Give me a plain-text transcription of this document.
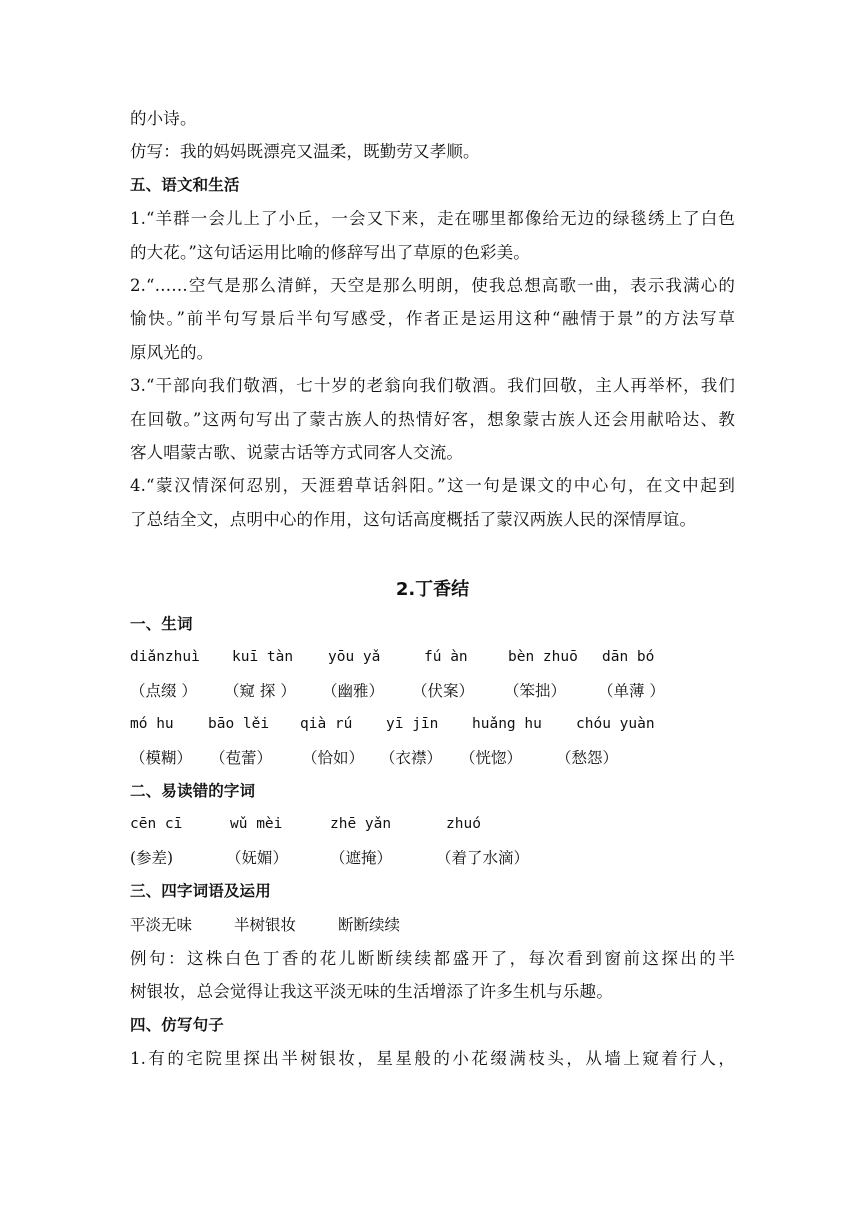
的小诗。
仿写：我的妈妈既漂亮又温柔，既勤劳又孝顺。
五、语文和生活
1.“羊群一会儿上了小丘，一会又下来，走在哪里都像给无边的绿毯绣上了白色
的大花。”这句话运用比喻的修辞写出了草原的色彩美。
2.“……空气是那么清鲜，天空是那么明朗，使我总想高歌一曲，表示我满心的
愉快。”前半句写景后半句写感受，作者正是运用这种“融情于景”的方法写草
原风光的。
3.“干部向我们敬酒，七十岁的老翁向我们敬酒。我们回敬，主人再举杯，我们
在回敬。”这两句写出了蒙古族人的热情好客，想象蒙古族人还会用献哈达、教
客人唱蒙古歌、说蒙古话等方式同客人交流。
4.“蒙汉情深何忍别，天涯碧草话斜阳。”这一句是课文的中心句，在文中起到
了总结全文，点明中心的作用，这句话高度概括了蒙汉两族人民的深情厚谊。
2.丁香结
一、生词
diǎnzhuì	kuī tàn	yōu yǎ	fú àn	bèn zhuō	dān bó
（点缀 ）	（窥 探 ）	（幽雅）	（伏案）	（笨拙）	（单薄 ）
mó hu	bāo lěi	qià rú	yī jīn	huǎng hu	chóu yuàn
（模糊）	（苞蕾）	（恰如）	（衣襟）	（恍惚）	（愁怨）
二、易读错的字词
cēn cī	wǔ mèi	zhē yǎn	zhuó
(参差)	（妩媚）	（遮掩）	（着了水滴）
三、四字词语及运用
平淡无味	半树银妆	断断续续
例句：这株白色丁香的花儿断断续续都盛开了，每次看到窗前这探出的半
树银妆，总会觉得让我这平淡无味的生活增添了许多生机与乐趣。
四、仿写句子
1.有的宅院里探出半树银妆，星星般的小花缀满枝头，从墙上窥着行人，
